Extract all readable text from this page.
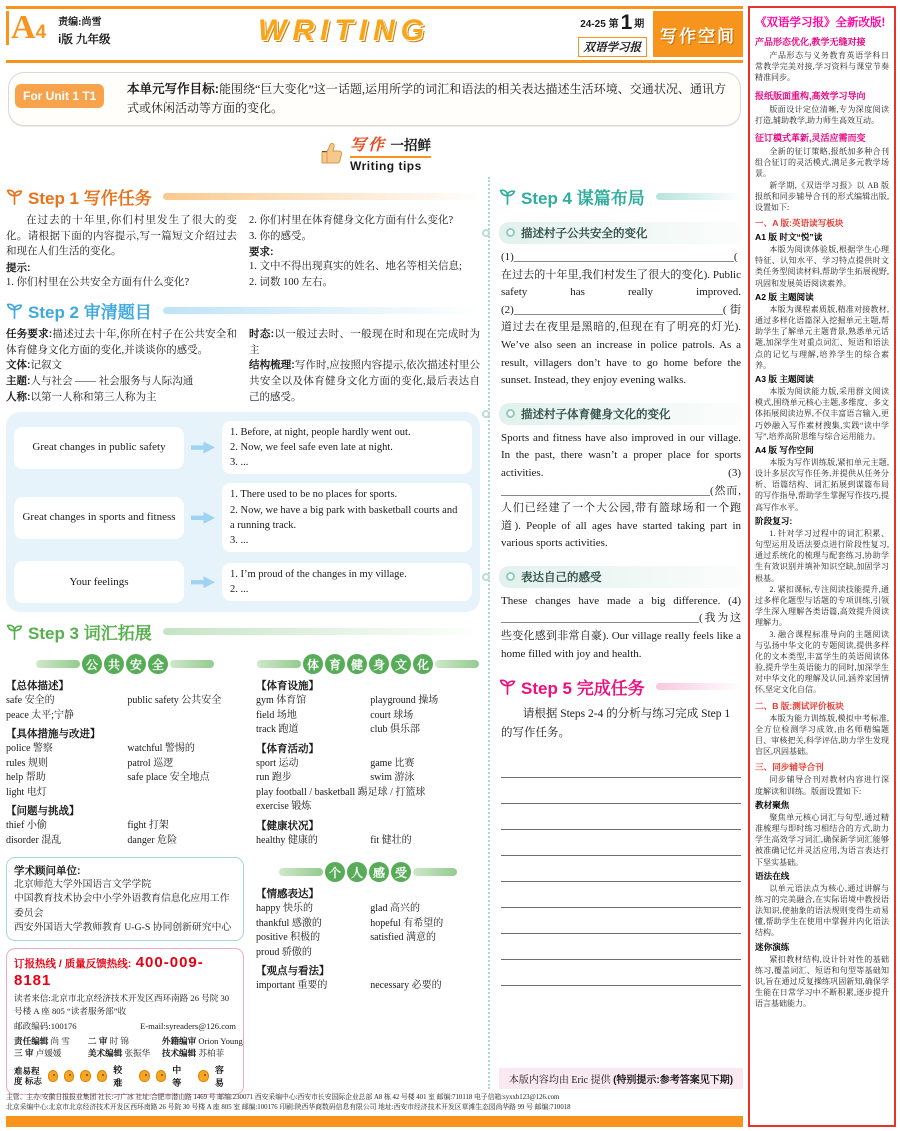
A4	责编:尚雪
i版 九年级	WRITING	24-25 第1 期
双语学习报
写作空间
For Unit 1 T1	本单元写作目标:能围绕“巨大变化”这一话题,运用所学的词汇和语法的相关表达描述生活环境、交通状况、通讯方式或休闲活动等方面的变化。

写作 一招鲜
Writing tips
Step 1 写作任务

在过去的十年里,你们村里发生了很大的变化。请根据下面的内容提示,写一篇短文介绍过去和现在人们生活的变化。

提示:

1. 你们村里在公共安全方面有什么变化?

2. 你们村里在体育健身文化方面有什么变化?

3. 你的感受。

要求:

1. 文中不得出现真实的姓名、地名等相关信息;

2. 词数 100 左右。

Step 2 审清题目

任务要求:描述过去十年,你所在村子在公共安全和体育健身文化方面的变化,并谈谈你的感受。

文体:记叙文

主题:人与社会 —— 社会服务与人际沟通

人称:以第一人称和第三人称为主

时态:以一般过去时、一般现在时和现在完成时为主

结构梳理:写作时,应按照内容提示,依次描述村里公共安全以及体育健身文化方面的变化,最后表达自己的感受。

Great changes in public safety
1. Before, at night, people hardly went out.
2. Now, we feel safe even late at night.
3. ...
Great changes in sports and fitness
1. There used to be no places for sports.
2. Now, we have a big park with basketball courts and a running track.
3. ...
Your feelings
1. I’m proud of the changes in my village.
2. ...
Step 3 词汇拓展
公 共 安 全
【总体描述】
safe 安全的	public safety 公共安全
peace 太平;宁静
【具体措施与改进】
police 警察	watchful 警惕的
rules 规则	patrol 巡逻
help 帮助	safe place 安全地点
light 电灯
【问题与挑战】
thief 小偷	fight 打架
disorder 混乱	danger 危险
学术顾问单位:

北京师范大学外国语言文学学院

中国教育技术协会中小学外语教育信息化应用工作委员会

西安外国语大学教师教育 U-G-S 协同创新研究中心

订报热线 / 质量反馈热线: 400-009-8181
读者来信:北京市北京经济技术开发区西环南路 26 号院 30 号楼 A 座 805 “读者服务部”收
邮政编码:100176	E-mail:syreaders@126.com
责任编辑 尚 雪	二 审 时 锦	外籍编审 Orion Young
三 审 卢媛媛	美术编辑 张振华	技术编辑 苏柏菲
难易程度 标志
较难
中等
容易
体 育 健 身 文 化
【体育设施】
gym 体育馆	playground 操场
field 场地	court 球场
track 跑道	club 俱乐部
【体育活动】
sport 运动	game 比赛
run 跑步	swim 游泳
play football / basketball 踢足球 / 打篮球
exercise 锻炼
【健康状况】
healthy 健康的	fit 健壮的
个 人 感 受
【情感表达】
happy 快乐的	glad 高兴的
thankful 感激的	hopeful 有希望的
positive 积极的	satisfied 满意的
proud 骄傲的
【观点与看法】
important 重要的	necessary 必要的
Step 4 谋篇布局
描述村子公共安全的变化

(1)________________________________________(在过去的十年里,我们村发生了很大的变化). Public safety has really improved. (2)______________________________________(街道过去在夜里是黑暗的,但现在有了明亮的灯光). We’ve also seen an increase in police patrols. As a result, villagers don’t have to go home before the sunset. Instead, they enjoy evening walks.

描述村子体育健身文化的变化

Sports and fitness have also improved in our village. In the past, there wasn’t a proper place for sports activities. (3) ______________________________________(然而,人们已经建了一个大公园,带有篮球场和一个跑道). People of all ages have started taking part in various sports activities.

表达自己的感受

These changes have made a big difference. (4) ____________________________________(我为这些变化感到非常自豪). Our village really feels like a home filled with joy and health.

Step 5 完成任务

请根据 Steps 2-4 的分析与练习完成 Step 1 的写作任务。

本版内容均由 Eric 提供 (特别提示:参考答案见下期)

主管、主办:安徽日报报业集团 社长:刁广冰 社址:合肥市潜山路 1469 号 邮编:230071 西安采编中心:西安市长安国际企业总部 A8 栋 42 号楼 401 室 邮编:710118 电子信箱:syxxb123@126.com

北京采编中心:北京市北京经济技术开发区西环南路 26 号院 30 号楼 A 座 805 室 邮编:100176 印刷:陕西华商数码信息有限公司 地址:西安市经济技术开发区草滩生态园尚华路 99 号 邮编:710018

《双语学习报》全新改版!
产品形态优化,教学无缝对接
产品形态与义务教育英语学科日常教学完美对接,学习资料与课堂节奏精准同步。
报纸版面重构,高效学习导向
版面设计定位清晰,专为深度阅读打造,辅助教学,助力师生高效互动。
征订模式革新,灵活应需而变
全新的征订策略,报纸加多种合刊组合征订的灵活模式,满足多元教学场景。
新学期,《双语学习报》以 AB 版报纸和同步辅导合刊的形式编辑出版,设置如下:
一、A 版:英语读写板块
A1 版 时文“悦”读
本版为阅读体验版,根据学生心理特征、认知水平、学习特点提供时文类任务型阅读材料,帮助学生拓展视野,巩固和发展英语阅读素养。
A2 版 主题阅读
本版为课程素质版,精准对接教材,通过多样化语篇深入挖掘单元主题,帮助学生了解单元主题背景,熟悉单元话题,加深学生对重点词汇、短语和语法点的记忆与理解,培养学生的综合素养。
A3 版 主题阅读
本版为阅读能力版,采用群文阅读模式,围绕单元核心主题,多维度、多文体拓展阅读边界,不仅丰富语言输入,更巧妙融入写作素材搜集,实践“读中学写”,培养高阶思维与综合运用能力。
A4 版 写作空间
本版为写作训练版,紧扣单元主题,设计多层次写作任务,并提供从任务分析、语篇结构、词汇拓展到谋篇布局的写作指导,帮助学生掌握写作技巧,提高写作水平。
阶段复习:
1. 针对学习过程中的词汇积累、句型运用及语法要点进行阶段性复习,通过系统化的梳理与配套练习,协助学生有效识别并填补知识空缺,加固学习根基。
2. 紧扣课标,专注阅读技能提升,通过多样化题型与话题的专项训练,引领学生深入理解各类语篇,高效提升阅读理解力。
3. 融合课程标准导向的主题阅读与弘扬中华文化的专题阅读,提供多样化的文本类型,丰富学生的英语阅读体验,提升学生英语能力的同时,加深学生对中华文化的理解及认同,涵养家国情怀,坚定文化自信。
二、B 版:测试评价板块
本版为能力训练版,模拟中考标准,全方位检测学习成效,由名师精编题目、审核把关,科学评估,助力学生发现盲区,巩固基础。
三、同步辅导合刊
同步辅导合刊对教材内容进行深度解读和训练。版面设置如下:
教材聚焦
聚焦单元核心词汇与句型,通过精准梳理与即时练习相结合的方式,助力学生高效学习词汇,确保新学词汇能够被准确记忆并灵活应用,为语言表达打下坚实基础。
语法在线
以单元语法点为核心,通过讲解与练习的完美融合,在实际语境中教授语法知识,使抽象的语法规则变得生动易懂,帮助学生在使用中掌握并内化语法结构。
迷你演练
紧扣教材结构,设计针对性的基础练习,覆盖词汇、短语和句型等基础知识,旨在通过反复操练巩固新知,确保学生能在日常学习中不断积累,逐步提升语言基础能力。
